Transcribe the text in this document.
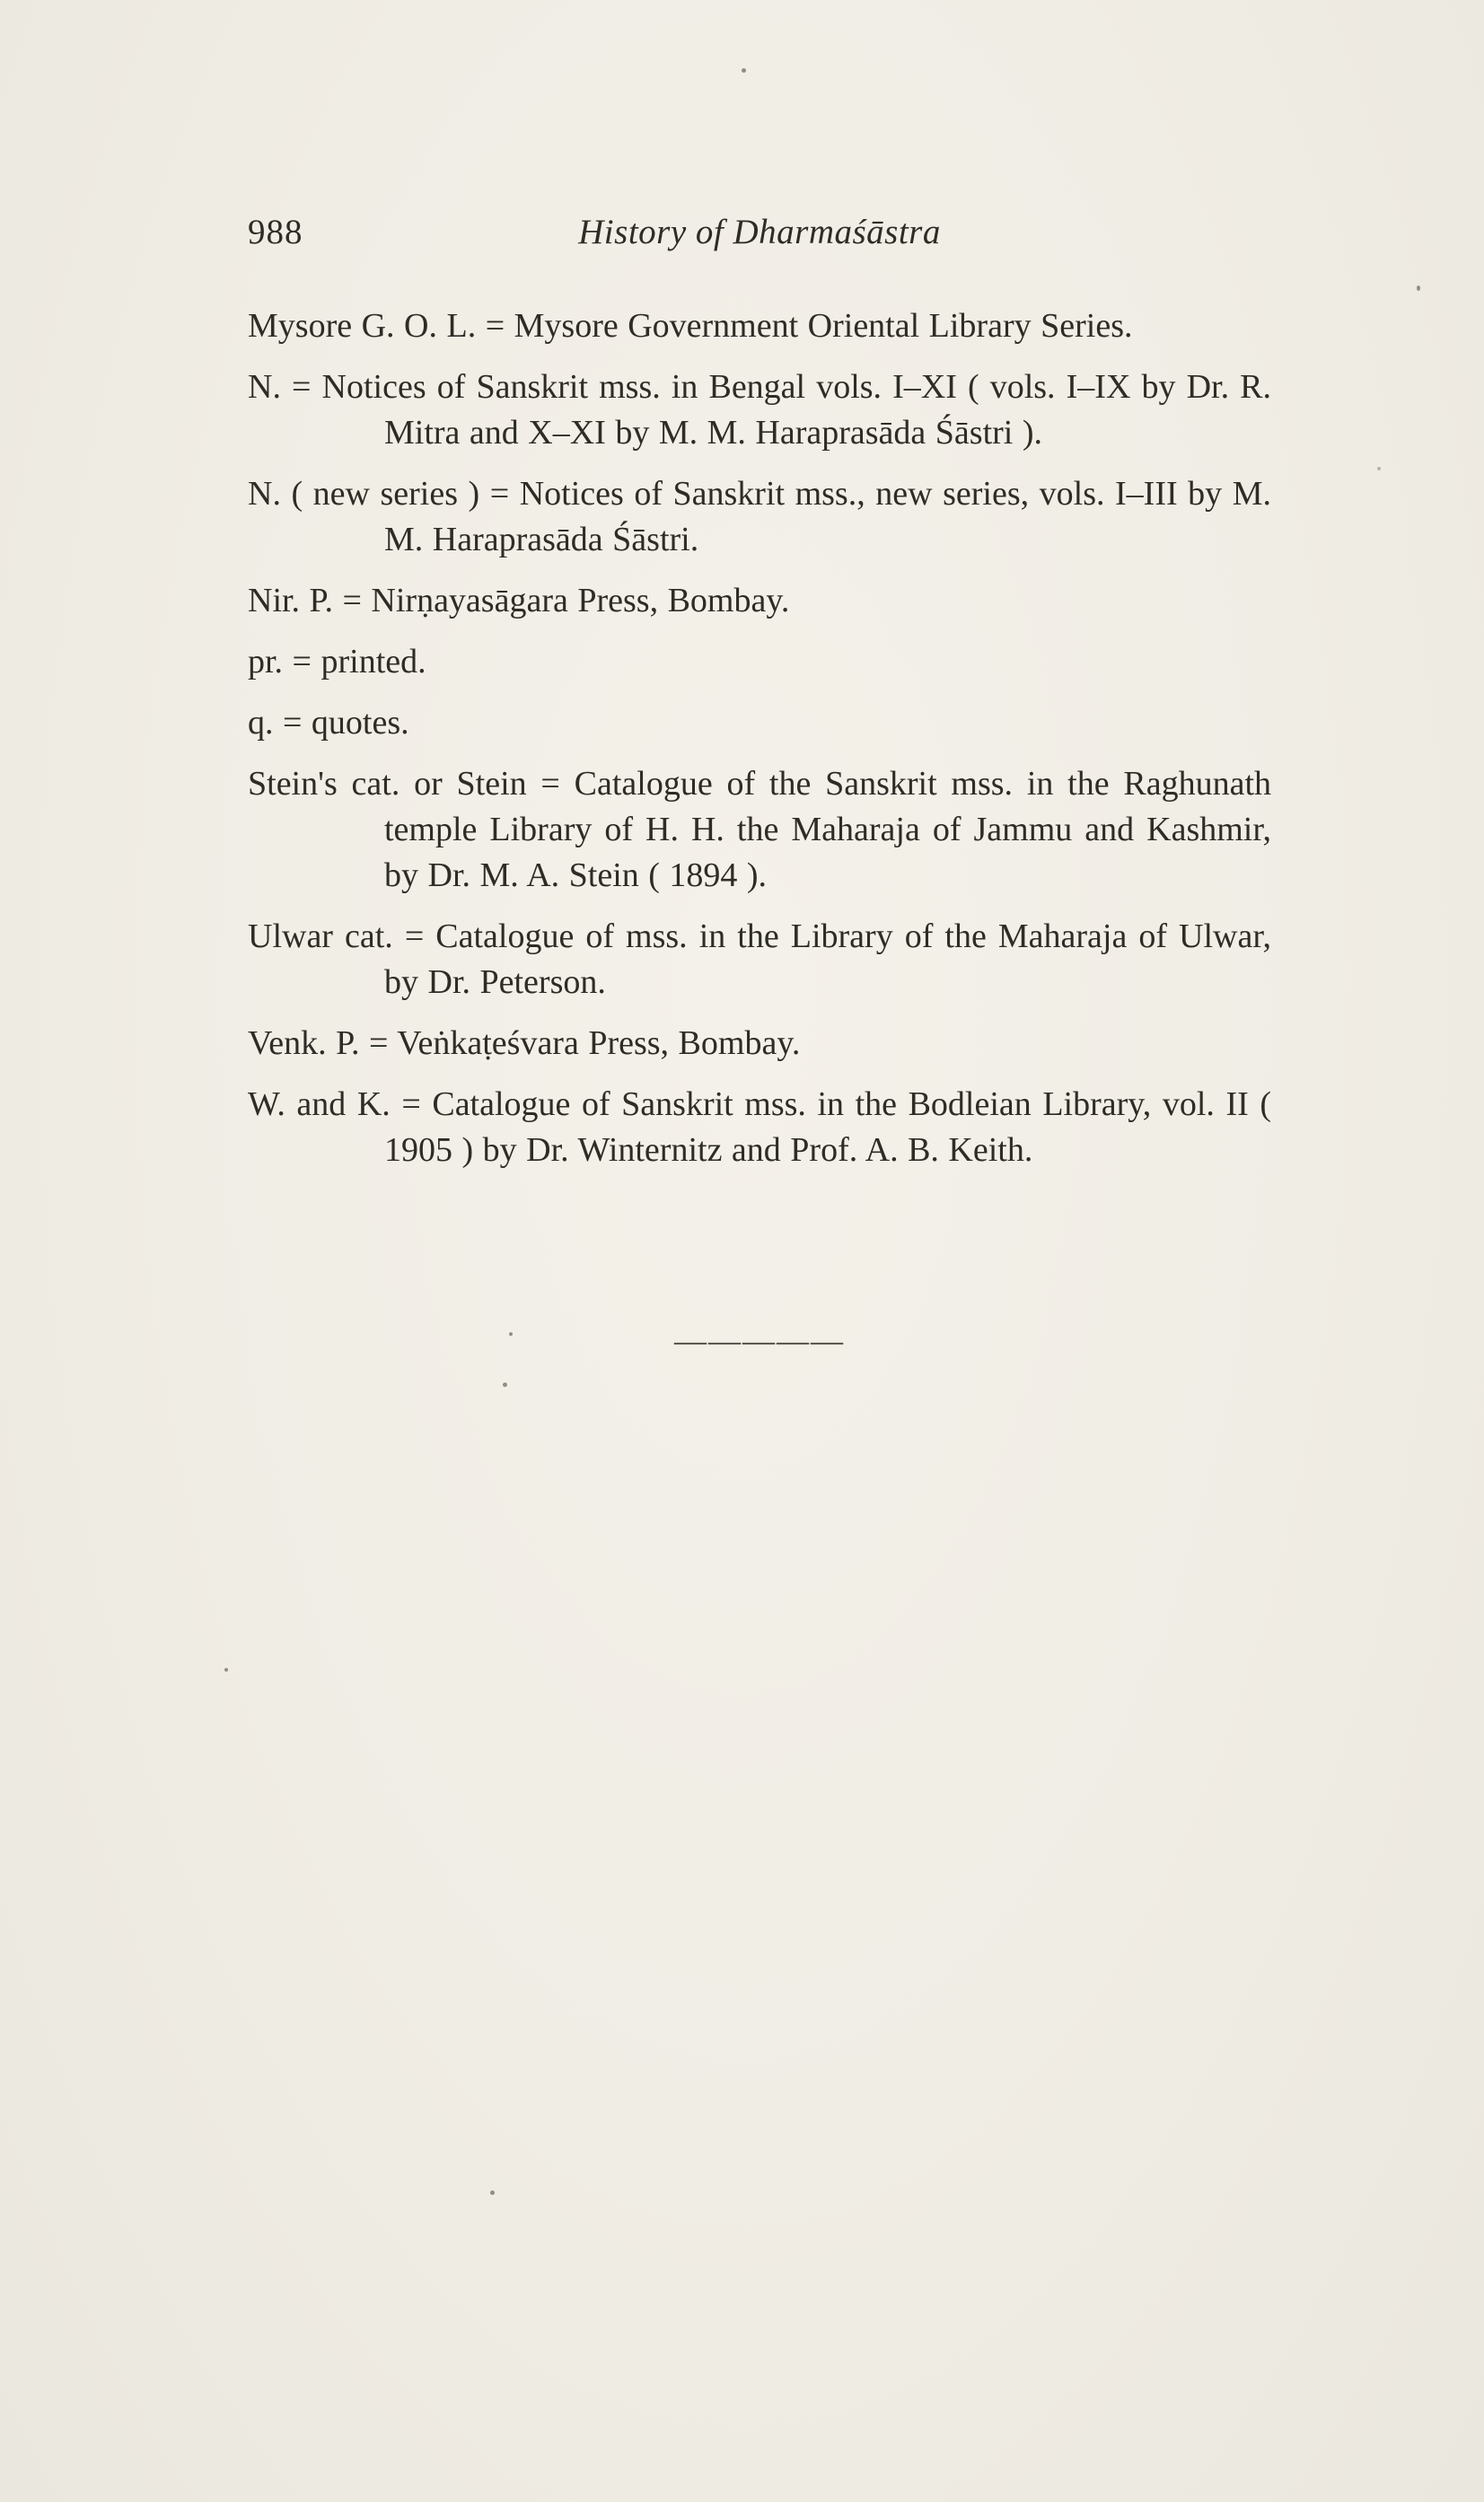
988	History of Dharmaśāstra

Mysore G. O. L. = Mysore Government Oriental Library Series.

N. = Notices of Sanskrit mss. in Bengal vols. I–XI ( vols. I–IX by Dr. R. Mitra and X–XI by M. M. Haraprasāda Śāstri ).

N. ( new series ) = Notices of Sanskrit mss., new series, vols. I–III by M. M. Haraprasāda Śāstri.

Nir. P. = Nirṇayasāgara Press, Bombay.

pr. = printed.

q. = quotes.

Stein's cat. or Stein = Catalogue of the Sanskrit mss. in the Raghunath temple Library of H. H. the Maharaja of Jammu and Kashmir, by Dr. M. A. Stein ( 1894 ).

Ulwar cat. = Catalogue of mss. in the Library of the Maharaja of Ulwar, by Dr. Peterson.

Venk. P. = Veṅkaṭeśvara Press, Bombay.

W. and K. = Catalogue of Sanskrit mss. in the Bodleian Library, vol. II ( 1905 ) by Dr. Winternitz and Prof. A. B. Keith.

—————
